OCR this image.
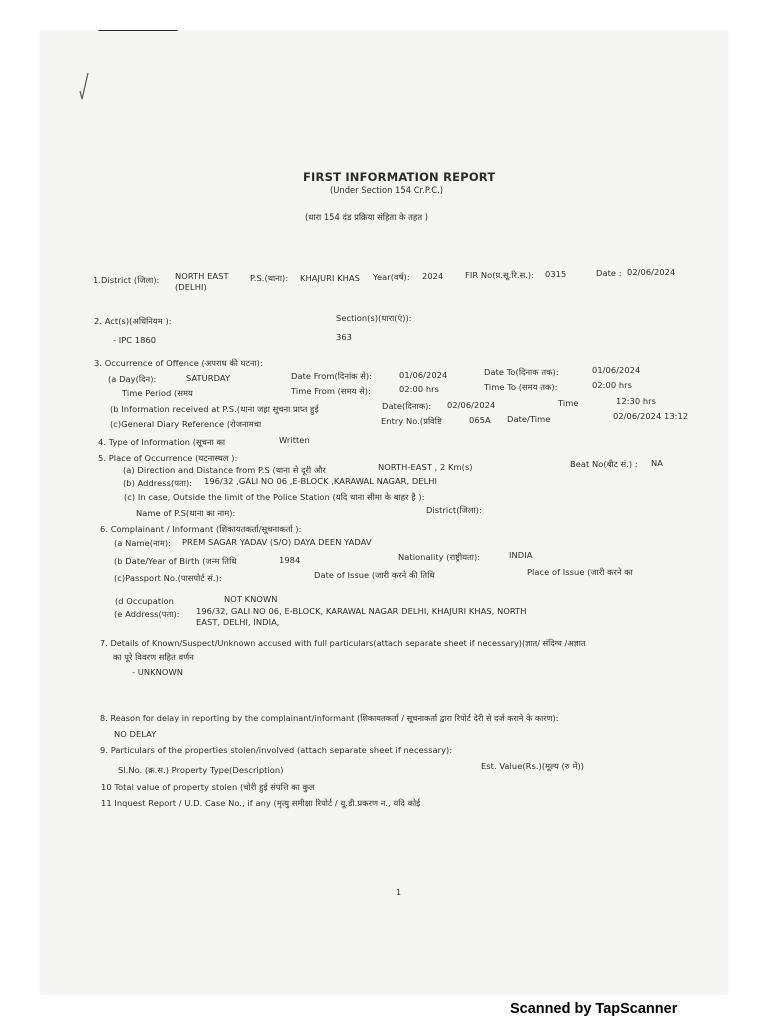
FIRST INFORMATION REPORT
(Under Section 154 Cr.P.C.)
(धारा 154 दंड प्रक्रिया संहिता के तहत )
1.District (जिला): NORTH EAST
(DELHI)
P.S.(थाना): KHAJURI KHAS Year(वर्ष): 2024	FIR No(प्र.सू.रि.स.): 0315	Date : 02/06/2024
2. Act(s)(अधिनियम ):	Section(s)(धारा(एं)):
- IPC 1860	363
3. Occurrence of Offence (अपराध की घटना):
(a Day(दिन):	SATURDAY	Date From(दिनांक से):	01/06/2024	Date To(दिनाक तक):	01/06/2024
Time Period (समय	Time From (समय से):	02:00 hrs	Time To (समय तक):	02:00 hrs
(b Information received at P.S.(थाना जहा सूचना प्राप्त हुई	Date(दिनाक): 02/06/2024	Time	12:30 hrs
(c)General Diary Reference (रोजनामचा	Entry No.(प्रविष्टि	065A Date/Time	02/06/2024 13:12
4. Type of Information (सूचना का	Written
5. Place of Occurrence (घटनास्थल ):
(a) Direction and Distance from P.S (थाना से दूरी और	NORTH-EAST , 2 Km(s)	Beat No(बीट सं.) : NA
(b) Address(पता): 196/32 ,GALI NO 06 ,E-BLOCK ,KARAWAL NAGAR, DELHI
(c) In case, Outside the limit of the Police Station (यदि थाना सीमा के बाहर है ):
Name of P.S(थाना का नाम):	District(जिला):
6. Complainant / Informant (शिकायतकर्ता/सूचनाकर्ता ):
(a Name(नाम): PREM SAGAR YADAV (S/O) DAYA DEEN YADAV
(b Date/Year of Birth (जन्म तिथि	1984	Nationality (राष्ट्रीयता):	INDIA
(c)Passport No.(पासपोर्ट सं.):	Date of Issue (जारी करने की तिथि	Place of Issue (जारी करने का
(d Occupation	NOT KNOWN
(e Address(पता): 196/32, GALI NO 06, E-BLOCK, KARAWAL NAGAR DELHI, KHAJURI KHAS, NORTH
EAST, DELHI, INDIA,
7. Details of Known/Suspect/Unknown accused with full particulars(attach separate sheet if necessary)(ज्ञात/ संदिग्ध /अज्ञात
का पूरे विवरण सहित वर्णन
- UNKNOWN
8. Reason for delay in reporting by the complainant/informant (शिकायतकर्ता / सूचनाकर्ता द्वारा रिपोर्ट देरी से दर्ज कराने के कारण):
NO DELAY
9. Particulars of the properties stolen/involved (attach separate sheet if necessary):
Sl.No. (क्र.स.) Property Type(Description)	Est. Value(Rs.)(मूल्य (रु में))
10 Total value of property stolen (चोरी हुई संपत्ति का कुल
11 Inquest Report / U.D. Case No., if any (मृत्यु समीक्षा रिपोर्ट / यू.डी.प्रकरण न., यदि कोई
1
Scanned by TapScanner
